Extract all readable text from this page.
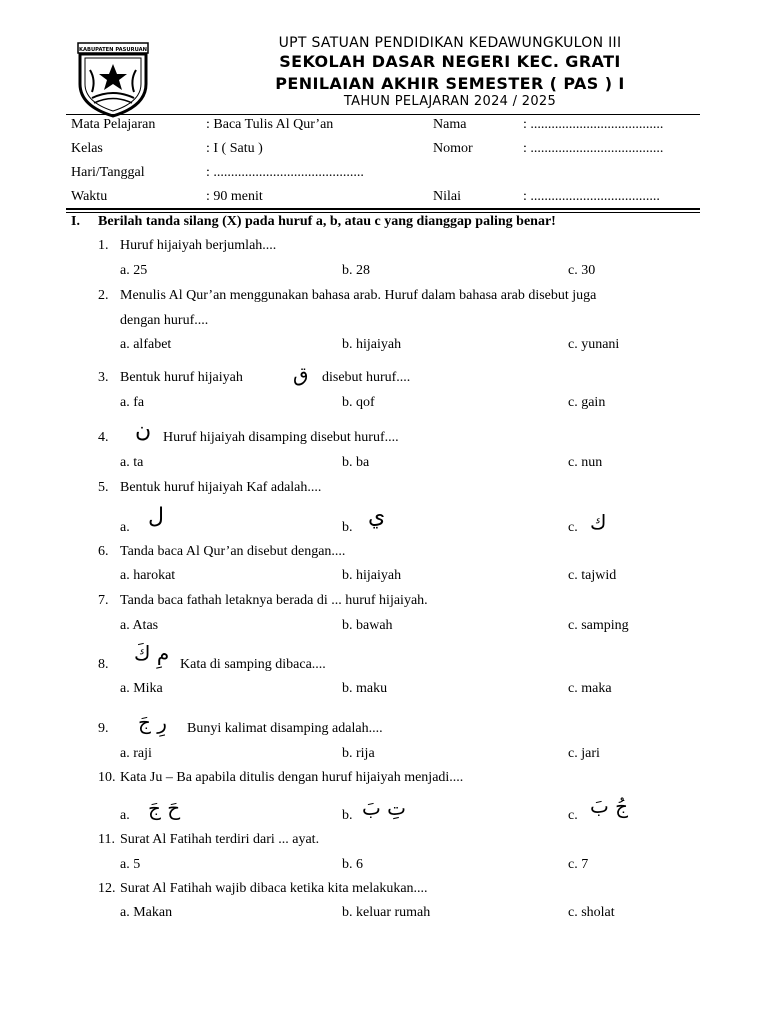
KABUPATEN PASURUAN	UPT SATUAN PENDIDIKAN KEDAWUNGKULON III
SEKOLAH DASAR NEGERI KEC. GRATI
PENILAIAN AKHIR SEMESTER ( PAS ) I
TAHUN PELAJARAN 2024 / 2025
Mata Pelajaran	: Baca Tulis Al Qur’an	Nama	: ......................................
Kelas	: I ( Satu )	Nomor	: ......................................
Hari/Tanggal	: ...........................................
Waktu	: 90 menit	Nilai	: .....................................
I. Berilah tanda silang (X) pada huruf a, b, atau c yang dianggap paling benar!
1. Huruf hijaiyah berjumlah....
a. 25	b. 28	c. 30
2. Menulis Al Qur’an menggunakan bahasa arab. Huruf dalam bahasa arab disebut juga
dengan huruf....
a. alfabet	b. hijaiyah	c. yunani
3. Bentuk huruf hijaiyah	ق disebut huruf....
a. fa	b. qof	c. gain
4. ن Huruf hijaiyah disamping disebut huruf....
a. ta	b. ba	c. nun
5. Bentuk huruf hijaiyah Kaf adalah....
a. ل	b. ي	c. ك
6. Tanda baca Al Qur’an disebut dengan....
a. harokat	b. hijaiyah	c. tajwid
7. Tanda baca fathah letaknya berada di ... huruf hijaiyah.
a. Atas	b. bawah	c. samping
8. مِ كَ Kata di samping dibaca....
a. Mika	b. maku	c. maka
9. رِ جَ Bunyi kalimat disamping adalah....
a. raji	b. rija	c. jari
10. Kata Ju – Ba apabila ditulis dengan huruf hijaiyah menjadi....
a. حَ جَ	b. تِ بَ	c. جُ بَ
11. Surat Al Fatihah terdiri dari ... ayat.
a. 5	b. 6	c. 7
12. Surat Al Fatihah wajib dibaca ketika kita melakukan....
a. Makan	b. keluar rumah	c. sholat
